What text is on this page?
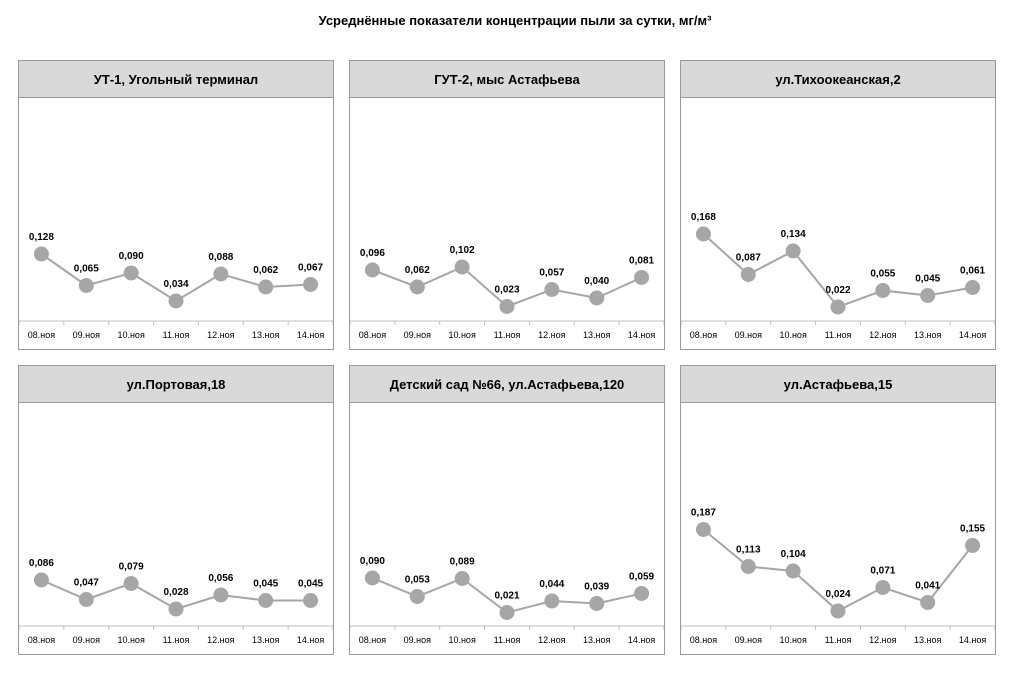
Усреднённые показатели концентрации пыли за сутки, мг/м³
УТ-1, Угольный терминал
0,128
08.ноя
0,065
09.ноя
0,090
10.ноя
0,034
11.ноя
0,088
12.ноя
0,062
13.ноя
0,067
14.ноя
ГУТ-2, мыс Астафьева
0,096
08.ноя
0,062
09.ноя
0,102
10.ноя
0,023
11.ноя
0,057
12.ноя
0,040
13.ноя
0,081
14.ноя
ул.Тихоокеанская,2
0,168
08.ноя
0,087
09.ноя
0,134
10.ноя
0,022
11.ноя
0,055
12.ноя
0,045
13.ноя
0,061
14.ноя
ул.Портовая,18
0,086
08.ноя
0,047
09.ноя
0,079
10.ноя
0,028
11.ноя
0,056
12.ноя
0,045
13.ноя
0,045
14.ноя
Детский сад №66, ул.Астафьева,120
0,090
08.ноя
0,053
09.ноя
0,089
10.ноя
0,021
11.ноя
0,044
12.ноя
0,039
13.ноя
0,059
14.ноя
ул.Астафьева,15
0,187
08.ноя
0,113
09.ноя
0,104
10.ноя
0,024
11.ноя
0,071
12.ноя
0,041
13.ноя
0,155
14.ноя
